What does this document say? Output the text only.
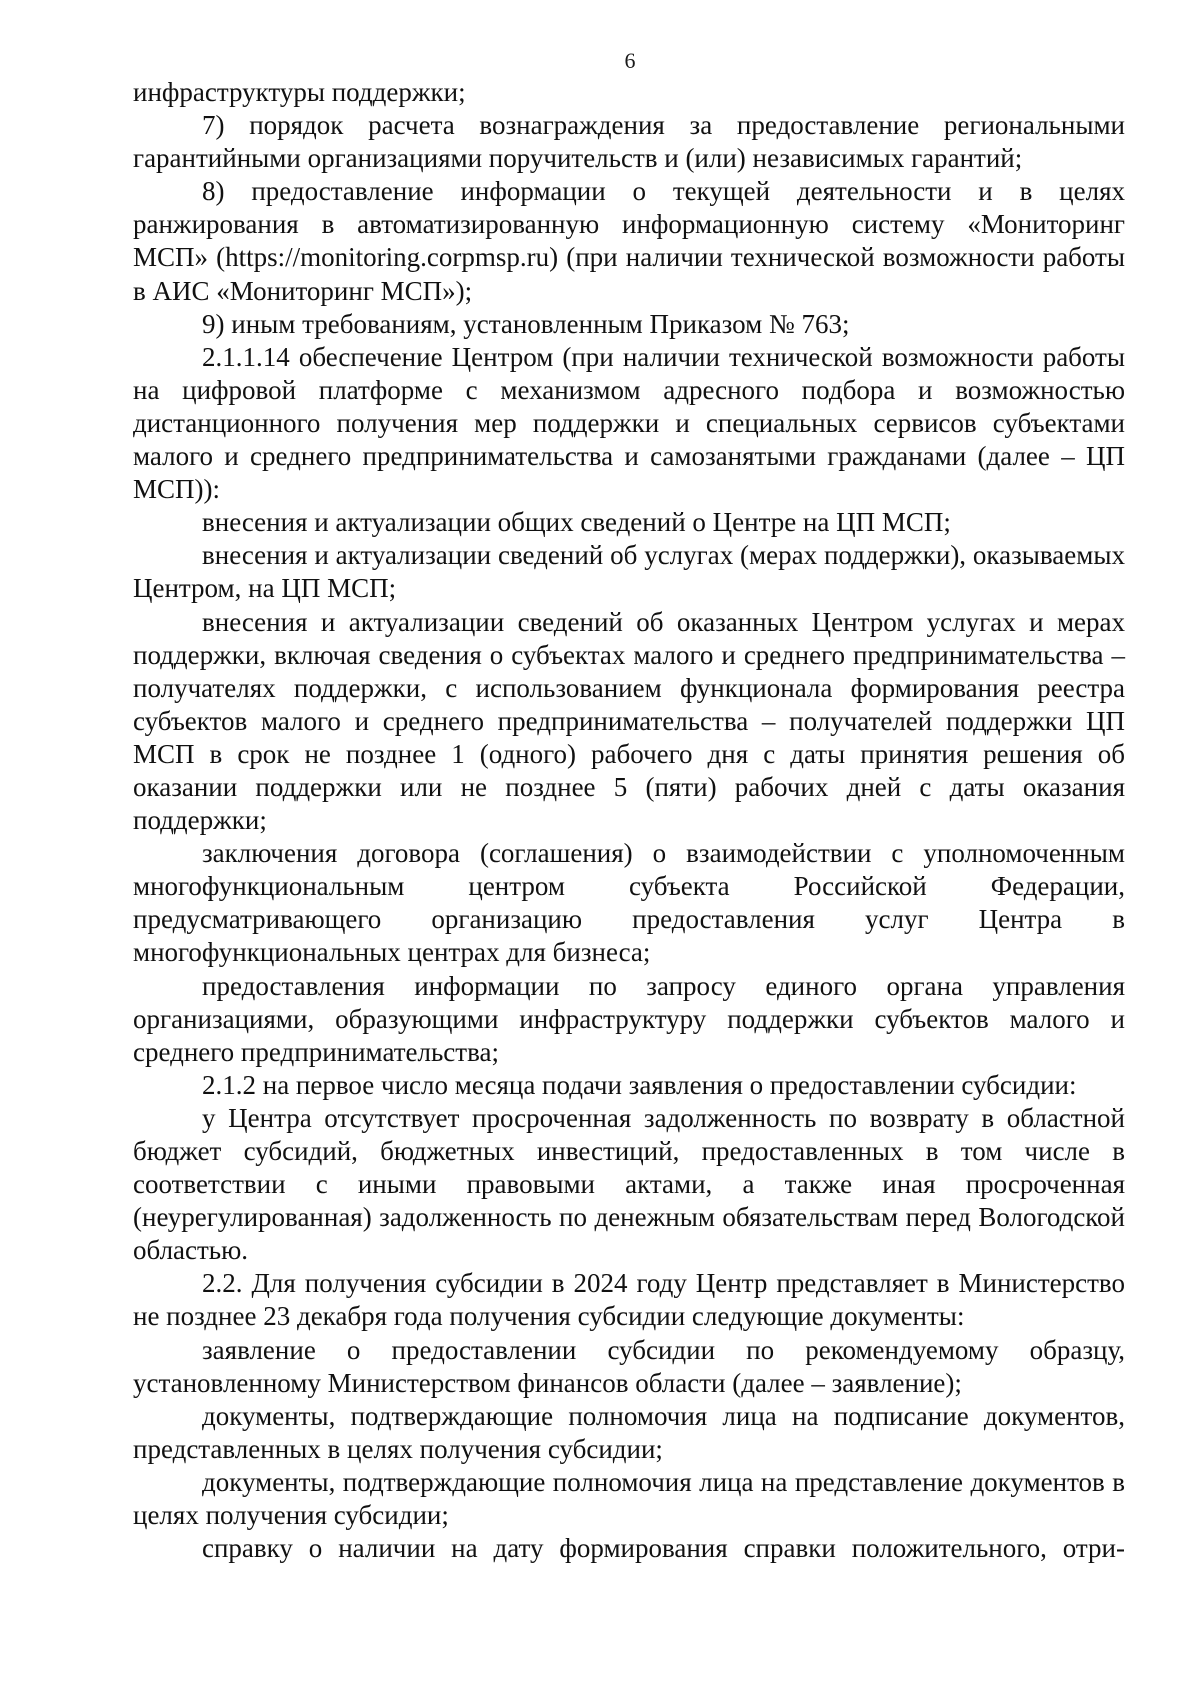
6

инфраструктуры поддержки;

7) порядок расчета вознаграждения за предоставление региональными гарантийными организациями поручительств и (или) независимых гарантий;

8) предоставление информации о текущей деятельности и в целях ранжирования в автоматизированную информационную систему «Мониторинг МСП» (https://monitoring.corpmsp.ru) (при наличии технической возможности работы в АИС «Мониторинг МСП»);

9) иным требованиям, установленным Приказом № 763;

2.1.1.14 обеспечение Центром (при наличии технической возможности работы на цифровой платформе с механизмом адресного подбора и возможностью дистанционного получения мер поддержки и специальных сервисов субъектами малого и среднего предпринимательства и самозанятыми гражданами (далее – ЦП МСП)):

внесения и актуализации общих сведений о Центре на ЦП МСП;

внесения и актуализации сведений об услугах (мерах поддержки), оказываемых Центром, на ЦП МСП;

внесения и актуализации сведений об оказанных Центром услугах и мерах поддержки, включая сведения о субъектах малого и среднего предпринимательства – получателях поддержки, с использованием функционала формирования реестра субъектов малого и среднего предпринимательства – получателей поддержки ЦП МСП в срок не позднее 1 (одного) рабочего дня с даты принятия решения об оказании поддержки или не позднее 5 (пяти) рабочих дней с даты оказания поддержки;

заключения договора (соглашения) о взаимодействии с уполномоченным многофункциональным центром субъекта Российской Федерации, предусматривающего организацию предоставления услуг Центра в многофункциональных центрах для бизнеса;

предоставления информации по запросу единого органа управления организациями, образующими инфраструктуру поддержки субъектов малого и среднего предпринимательства;

2.1.2 на первое число месяца подачи заявления о предоставлении субсидии:

у Центра отсутствует просроченная задолженность по возврату в областной бюджет субсидий, бюджетных инвестиций, предоставленных в том числе в соответствии с иными правовыми актами, а также иная просроченная (неурегулированная) задолженность по денежным обязательствам перед Вологодской областью.

2.2. Для получения субсидии в 2024 году Центр представляет в Министерство не позднее 23 декабря года получения субсидии следующие документы:

заявление о предоставлении субсидии по рекомендуемому образцу, установленному Министерством финансов области (далее – заявление);

документы, подтверждающие полномочия лица на подписание документов, представленных в целях получения субсидии;

документы, подтверждающие полномочия лица на представление документов в целях получения субсидии;

справку о наличии на дату формирования справки положительного, отри-
